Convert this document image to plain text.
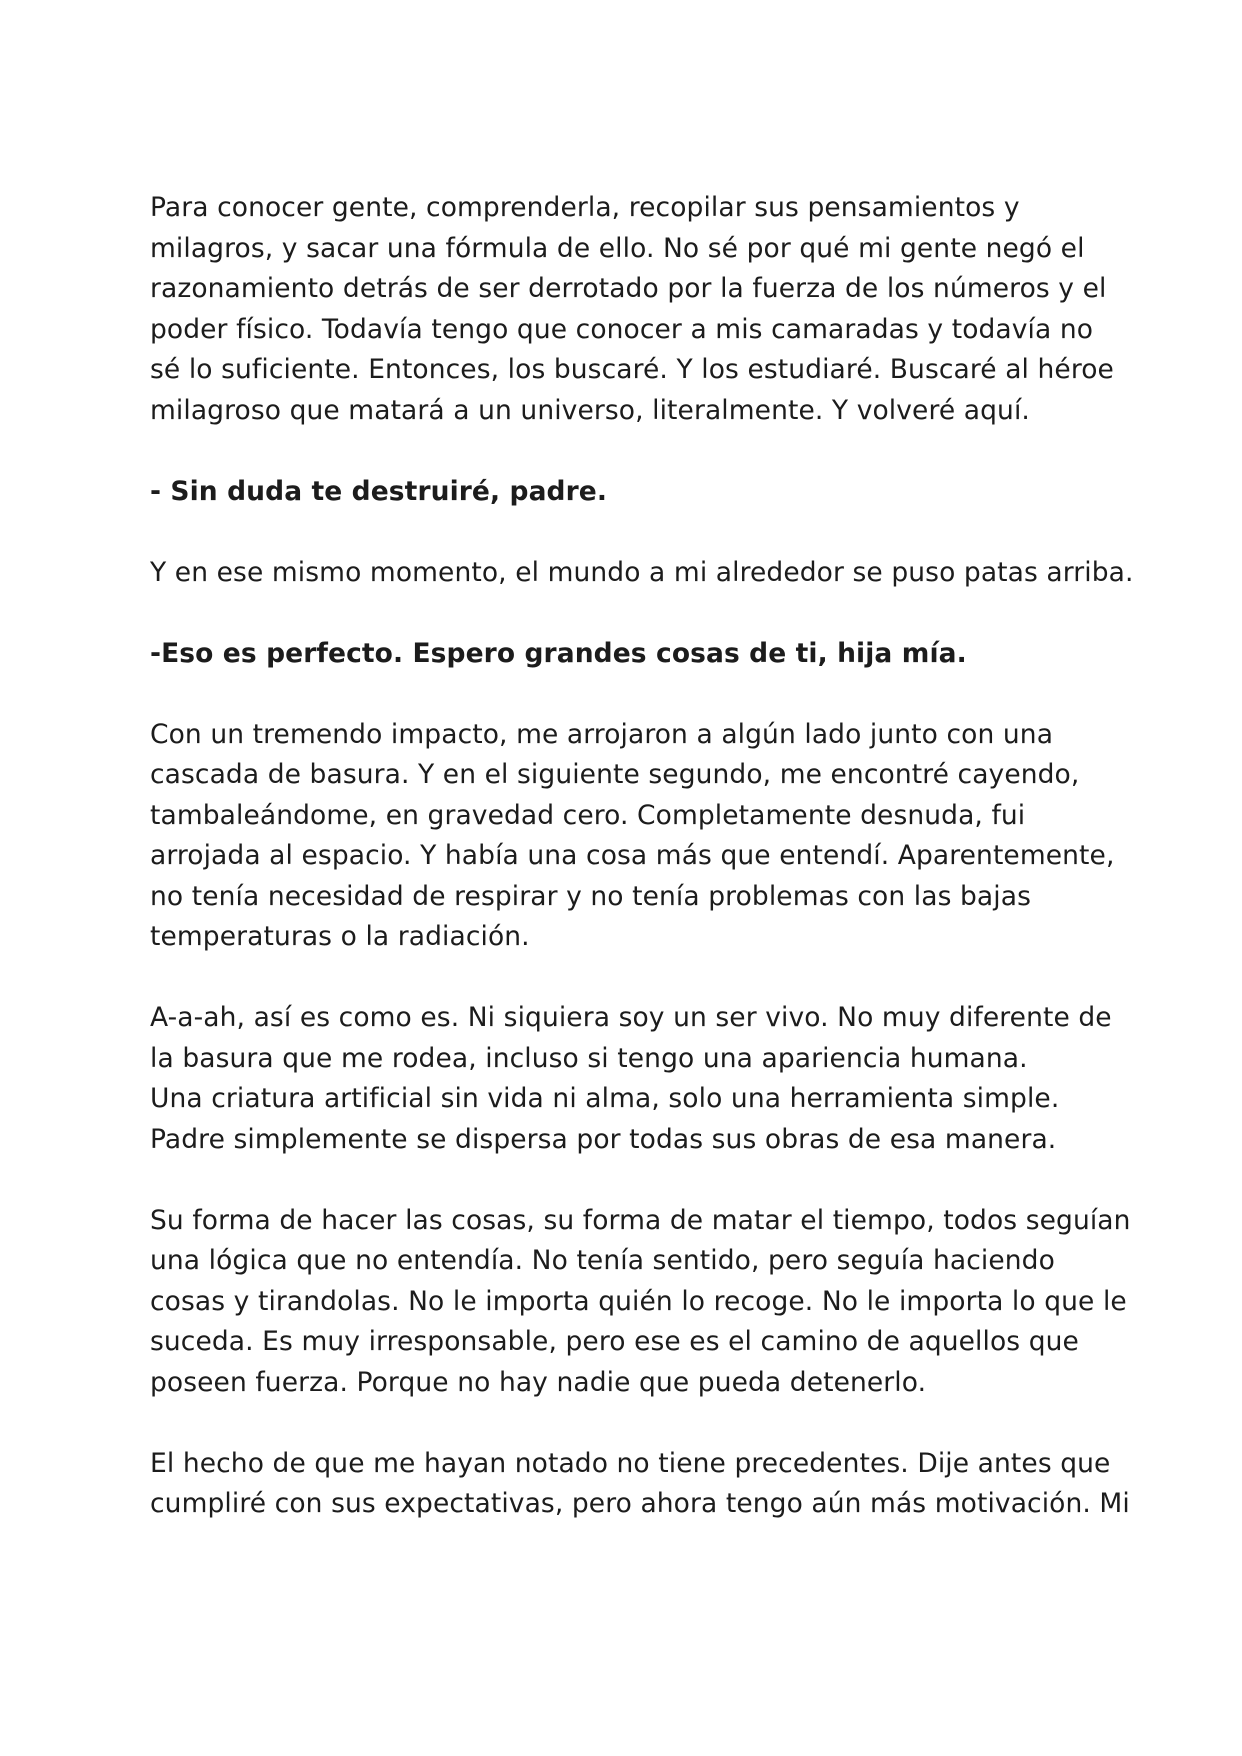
Para conocer gente, comprenderla, recopilar sus pensamientos y
milagros, y sacar una fórmula de ello. No sé por qué mi gente negó el
razonamiento detrás de ser derrotado por la fuerza de los números y el
poder físico. Todavía tengo que conocer a mis camaradas y todavía no
sé lo suficiente. Entonces, los buscaré. Y los estudiaré. Buscaré al héroe
milagroso que matará a un universo, literalmente. Y volveré aquí.

- Sin duda te destruiré, padre.

Y en ese mismo momento, el mundo a mi alrededor se puso patas arriba.

-Eso es perfecto. Espero grandes cosas de ti, hija mía.

Con un tremendo impacto, me arrojaron a algún lado junto con una
cascada de basura. Y en el siguiente segundo, me encontré cayendo,
tambaleándome, en gravedad cero. Completamente desnuda, fui
arrojada al espacio. Y había una cosa más que entendí. Aparentemente,
no tenía necesidad de respirar y no tenía problemas con las bajas
temperaturas o la radiación.

A-a-ah, así es como es. Ni siquiera soy un ser vivo. No muy diferente de
la basura que me rodea, incluso si tengo una apariencia humana.
Una criatura artificial sin vida ni alma, solo una herramienta simple.
Padre simplemente se dispersa por todas sus obras de esa manera.

Su forma de hacer las cosas, su forma de matar el tiempo, todos seguían
una lógica que no entendía. No tenía sentido, pero seguía haciendo
cosas y tirandolas. No le importa quién lo recoge. No le importa lo que le
suceda. Es muy irresponsable, pero ese es el camino de aquellos que
poseen fuerza. Porque no hay nadie que pueda detenerlo.

El hecho de que me hayan notado no tiene precedentes. Dije antes que
cumpliré con sus expectativas, pero ahora tengo aún más motivación. Mi
